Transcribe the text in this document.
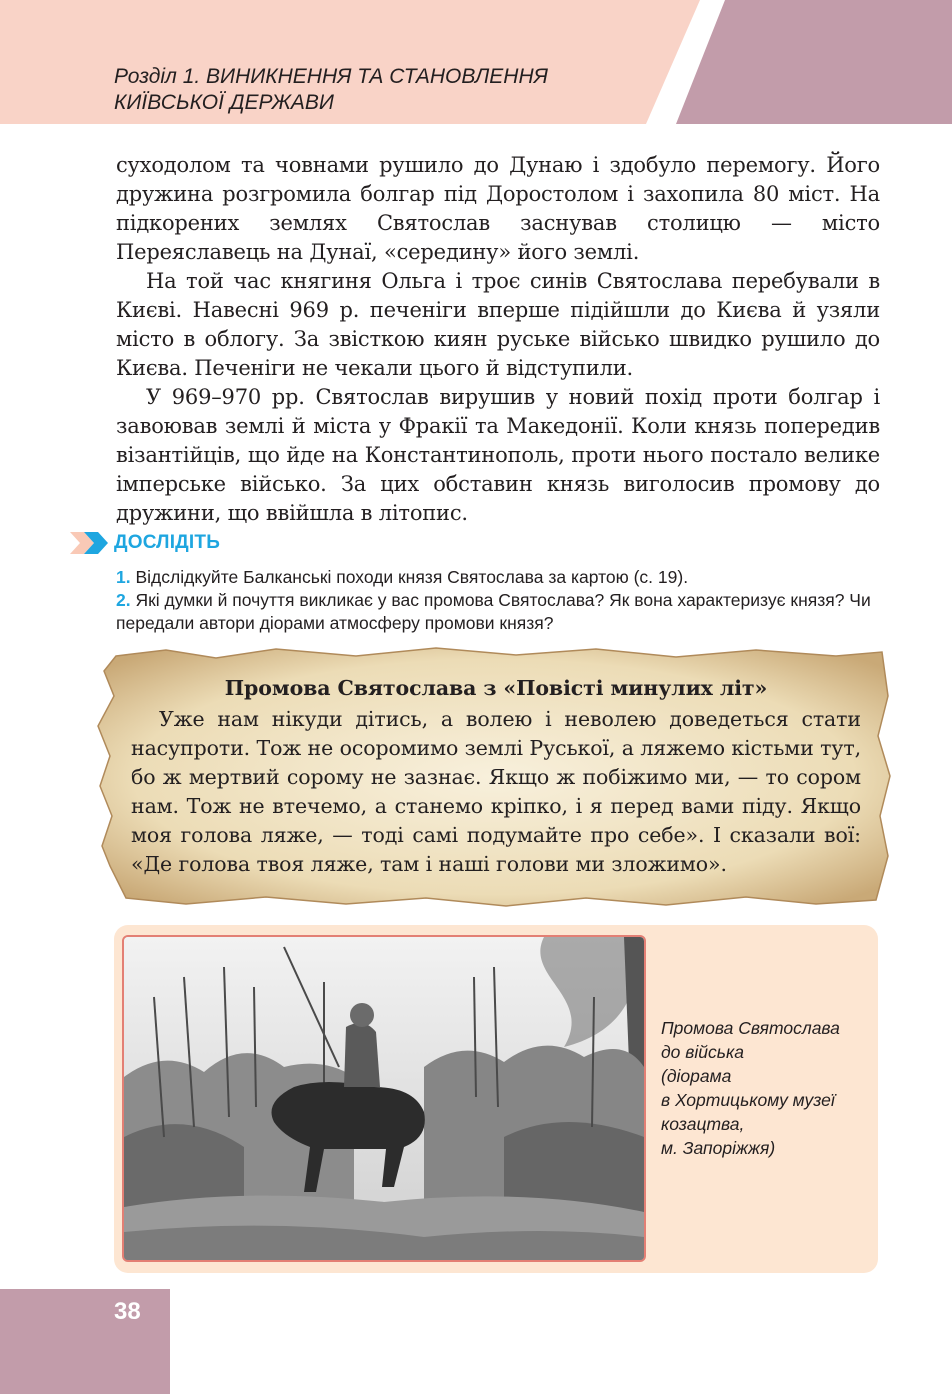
Розділ 1. ВИНИКНЕННЯ ТА СТАНОВЛЕННЯ
КИЇВСЬКОЇ ДЕРЖАВИ

суходолом та човнами рушило до Дунаю і здобуло перемогу. Його дружина розгромила болгар під Доростолом і захопила 80 міст. На підкорених землях Святослав заснував столицю — місто Переяславець на Дунаї, «середину» його землі.

На той час княгиня Ольга і троє синів Святослава перебували в Києві. Навесні 969 р. печеніги вперше підійшли до Києва й узяли місто в облогу. За звісткою киян руське військо швидко рушило до Києва. Печеніги не чекали цього й відступили.

У 969–970 рр. Святослав вирушив у новий похід проти болгар і завоював землі й міста у Фракії та Македонії. Коли князь попередив візантійців, що йде на Константинополь, проти нього постало велике імперське військо. За цих обставин князь виголосив промову до дружини, що ввійшла в літопис.

ДОСЛІДІТЬ

1. Відслідкуйте Балканські походи князя Святослава за картою (с. 19).

2. Які думки й почуття викликає у вас промова Святослава? Як вона характеризує князя? Чи передали автори діорами атмосферу промови князя?

Промова Святослава з «Повісті минулих літ»

Уже нам нікуди дітись, а волею і неволею доведеться стати насупроти. Тож не осоромимо землі Руської, а ляжемо кістьми тут, бо ж мертвий сорому не зазнає. Якщо ж побіжимо ми, — то сором нам. Тож не втечемо, а станемо кріпко, і я перед вами піду. Якщо моя голова ляже, — тоді самі подумайте про себе». І сказали вої: «Де голова твоя ляже, там і наші голови ми зложимо».

Промова Святослава
до війська
(діорама
в Хортицькому музеї
козацтва,
м. Запоріжжя)
38
